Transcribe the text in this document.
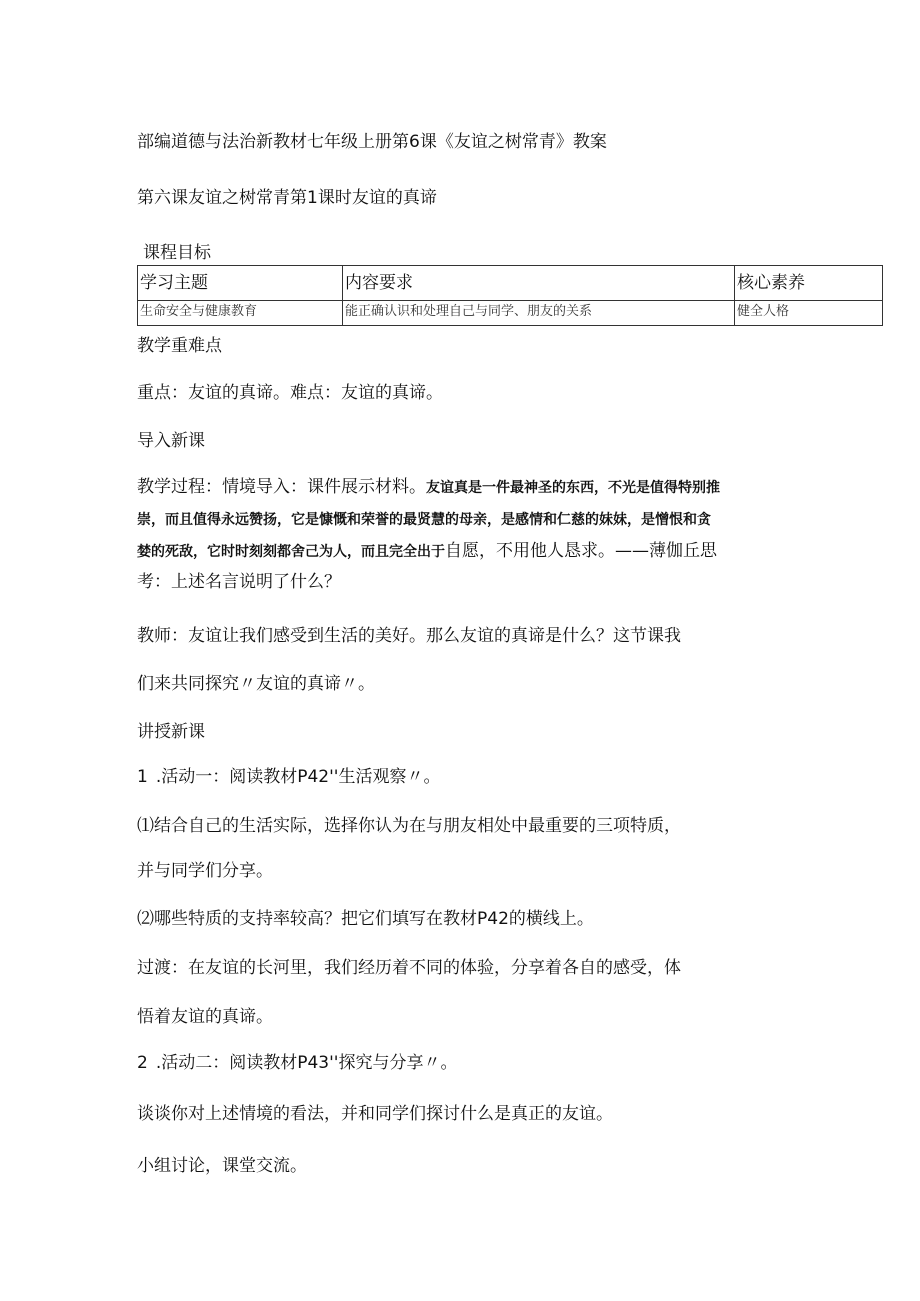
部编道德与法治新教材七年级上册第6课《友谊之树常青》教案
第六课友谊之树常青第1课时友谊的真谛
课程目标
学习主题	内容要求	核心素养
生命安全与健康教育	能正确认识和处理自己与同学、朋友的关系	健全人格
教学重难点
重点：友谊的真谛。难点：友谊的真谛。
导入新课
教学过程：情境导入：课件展示材料。友谊真是一件最神圣的东西，不光是值得特别推
崇，而且值得永远赞扬，它是慷慨和荣誉的最贤慧的母亲，是感情和仁慈的妹妹，是憎恨和贪
婪的死敌，它时时刻刻都舍己为人，而且完全出于自愿，不用他人恳求。——薄伽丘思
考：上述名言说明了什么？
教师：友谊让我们感受到生活的美好。那么友谊的真谛是什么？这节课我
们来共同探究〃友谊的真谛〃。
讲授新课
1 .活动一：阅读教材P42''生活观察〃。
⑴结合自己的生活实际，选择你认为在与朋友相处中最重要的三项特质，
并与同学们分享。
⑵哪些特质的支持率较高？把它们填写在教材P42的横线上。
过渡：在友谊的长河里，我们经历着不同的体验，分享着各自的感受，体
悟着友谊的真谛。
2 .活动二：阅读教材P43''探究与分享〃。
谈谈你对上述情境的看法，并和同学们探讨什么是真正的友谊。
小组讨论，课堂交流。
